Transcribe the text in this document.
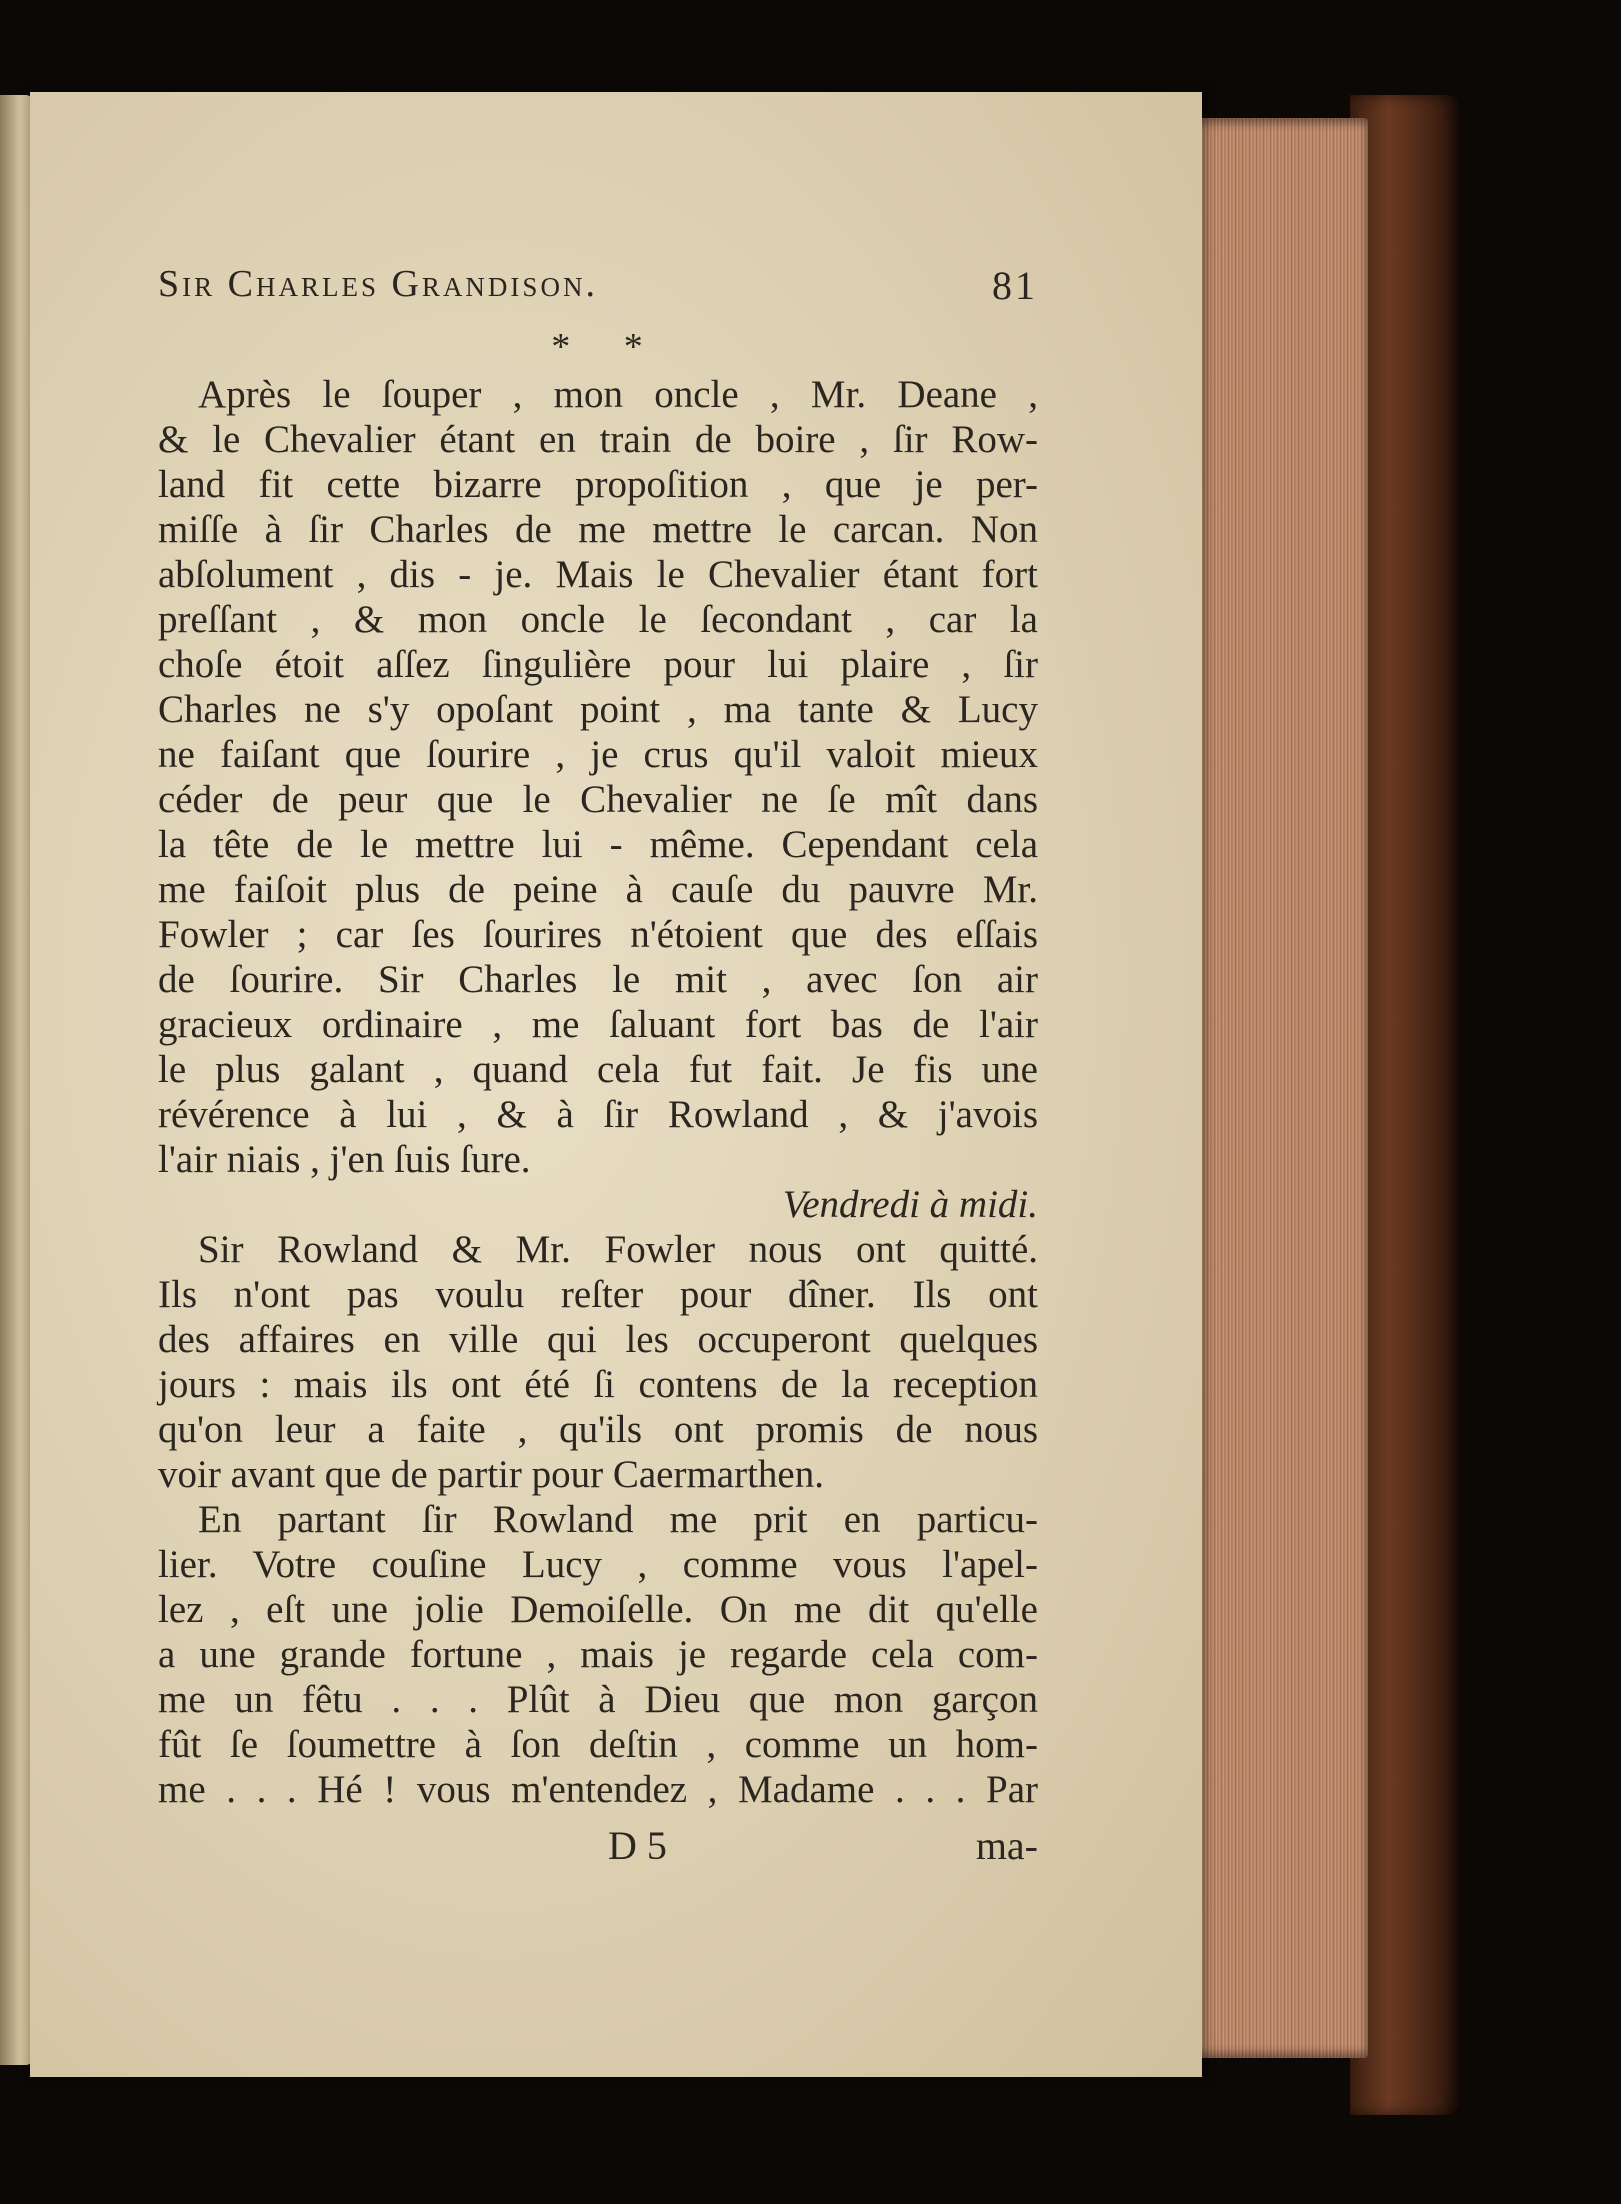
Sir Charles Grandison.	81
* *
Après le ſouper , mon oncle , Mr. Deane ,
& le Chevalier étant en train de boire , ſir Row-
land fit cette bizarre propoſition , que je per-
miſſe à ſir Charles de me mettre le carcan. Non
abſolument , dis - je. Mais le Chevalier étant fort
preſſant , & mon oncle le ſecondant , car la
choſe étoit aſſez ſingulière pour lui plaire , ſir
Charles ne s'y opoſant point , ma tante & Lucy
ne faiſant que ſourire , je crus qu'il valoit mieux
céder de peur que le Chevalier ne ſe mît dans
la tête de le mettre lui - même. Cependant cela
me faiſoit plus de peine à cauſe du pauvre Mr.
Fowler ; car ſes ſourires n'étoient que des eſſais
de ſourire. Sir Charles le mit , avec ſon air
gracieux ordinaire , me ſaluant fort bas de l'air
le plus galant , quand cela fut fait. Je fis une
révérence à lui , & à ſir Rowland , & j'avois
l'air niais , j'en ſuis ſure.
Vendredi à midi.
Sir Rowland & Mr. Fowler nous ont quitté.
Ils n'ont pas voulu reſter pour dîner. Ils ont
des affaires en ville qui les occuperont quelques
jours : mais ils ont été ſi contens de la reception
qu'on leur a faite , qu'ils ont promis de nous
voir avant que de partir pour Caermarthen.
En partant ſir Rowland me prit en particu-
lier. Votre couſine Lucy , comme vous l'apel-
lez , eſt une jolie Demoiſelle. On me dit qu'elle
a une grande fortune , mais je regarde cela com-
me un fêtu . . . Plût à Dieu que mon garçon
fût ſe ſoumettre à ſon deſtin , comme un hom-
me . . . Hé ! vous m'entendez , Madame . . . Par
D 5	ma-
